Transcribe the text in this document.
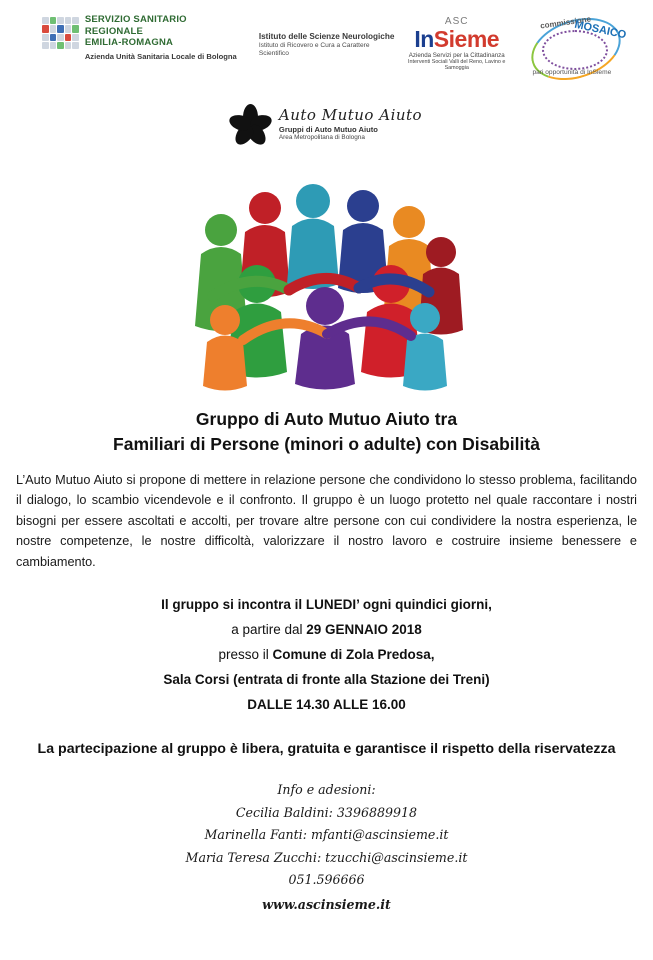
SERVIZIO SANITARIO REGIONALE
EMILIA-ROMAGNA
Azienda Unità Sanitaria Locale di Bologna
Istituto delle Scienze Neurologiche
Istituto di Ricovero e Cura a Carattere Scientifico
ASC
InSieme
Azienda Servizi per la Cittadinanza
Interventi Sociali Valli del Reno, Lavino e Samoggia
commissione
MOSAICO
pari opportunità di InSieme
Auto Mutuo Aiuto
Gruppi di Auto Mutuo Aiuto
Area Metropolitana di Bologna
Gruppo di Auto Mutuo Aiuto tra
Familiari di Persone (minori o adulte) con Disabilità

L’Auto Mutuo Aiuto si propone di mettere in relazione persone che condividono lo stesso problema, facilitando il dialogo, lo scambio vicendevole e il confronto. Il gruppo è un luogo protetto nel quale raccontare i nostri bisogni per essere ascoltati e accolti, per trovare altre persone con cui condividere la nostra esperienza, le nostre competenze, le nostre difficoltà, valorizzare il nostro lavoro e costruire insieme benessere e cambiamento.

Il gruppo si incontra il LUNEDI’ ogni quindici giorni,
a partire dal 29 GENNAIO 2018
presso il Comune di Zola Predosa,
Sala Corsi (entrata di fronte alla Stazione dei Treni)
DALLE 14.30 ALLE 16.00
La partecipazione al gruppo è libera, gratuita e garantisce il rispetto della riservatezza
Info e adesioni:
Cecilia Baldini: 3396889918
Marinella Fanti: mfanti@ascinsieme.it
Maria Teresa Zucchi: tzucchi@ascinsieme.it
051.596666
www.ascinsieme.it
